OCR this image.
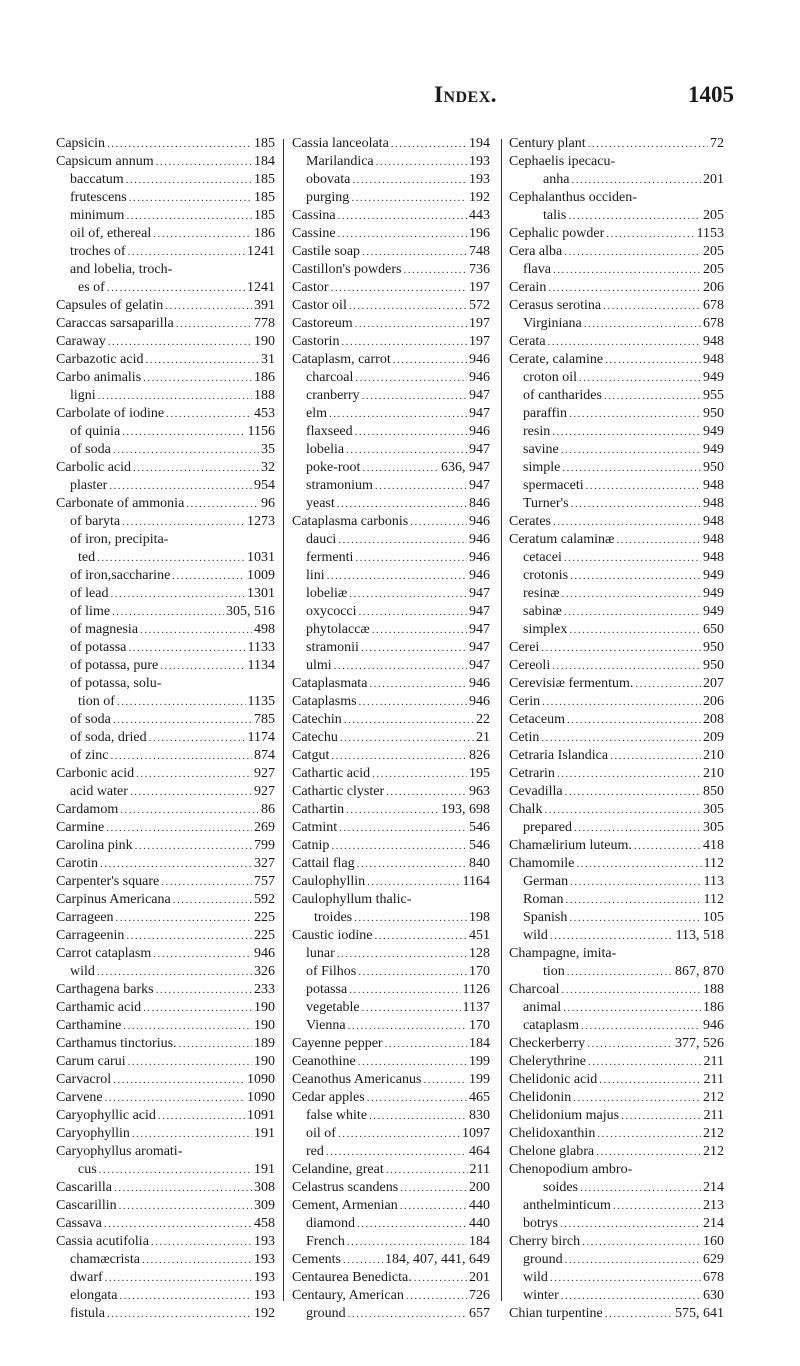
Index.	1405
Capsicin .....	185
Capsicum annum .....	184
baccatum .....	185
frutescens .....	185
minimum .....	185
oil of, ethereal .....	186
troches of .....	1241
and lobelia, troch-
es of .....	1241
Capsules of gelatin .....	391
Caraccas sarsaparilla .....	778
Caraway .....	190
Carbazotic acid .....	31
Carbo animalis .....	186
ligni .....	188
Carbolate of iodine .....	453
of quinia .....	1156
of soda .....	35
Carbolic acid .....	32
plaster .....	954
Carbonate of ammonia .....	96
of baryta .....	1273
of iron, precipita-
ted .....	1031
of iron,saccharine .....	1009
of lead .....	1301
of lime .....	305, 516
of magnesia .....	498
of potassa .....	1133
of potassa, pure .....	1134
of potassa, solu-
tion of .....	1135
of soda .....	785
of soda, dried .....	1174
of zinc .....	874
Carbonic acid .....	927
acid water .....	927
Cardamom .....	86
Carmine .....	269
Carolina pink .....	799
Carotin .....	327
Carpenter's square .....	757
Carpinus Americana .....	592
Carrageen .....	225
Carrageenin .....	225
Carrot cataplasm .....	946
wild .....	326
Carthagena barks .....	233
Carthamic acid .....	190
Carthamine .....	190
Carthamus tinctorius. .....	189
Carum carui .....	190
Carvacrol .....	1090
Carvene .....	1090
Caryophyllic acid .....	1091
Caryophyllin .....	191
Caryophyllus aromati-
cus .....	191
Cascarilla .....	308
Cascarillin .....	309
Cassava .....	458
Cassia acutifolia .....	193
chamæcrista .....	193
dwarf .....	193
elongata .....	193
fistula .....	192
Cassia lanceolata .....	194
Marilandica .....	193
obovata .....	193
purging .....	192
Cassina .....	443
Cassine .....	196
Castile soap .....	748
Castillon's powders .....	736
Castor .....	197
Castor oil .....	572
Castoreum .....	197
Castorin .....	197
Cataplasm, carrot .....	946
charcoal .....	946
cranberry .....	947
elm .....	947
flaxseed .....	946
lobelia .....	947
poke-root .....	636, 947
stramonium .....	947
yeast .....	846
Cataplasma carbonis .....	946
dauci .....	946
fermenti .....	946
lini .....	946
lobeliæ .....	947
oxycocci .....	947
phytolaccæ .....	947
stramonii .....	947
ulmi .....	947
Cataplasmata .....	946
Cataplasms .....	946
Catechin .....	22
Catechu .....	21
Catgut .....	826
Cathartic acid .....	195
Cathartic clyster .....	963
Cathartin .....	193, 698
Catmint .....	546
Catnip .....	546
Cattail flag .....	840
Caulophyllin .....	1164
Caulophyllum thalic-
troides .....	198
Caustic iodine .....	451
lunar .....	128
of Filhos .....	170
potassa .....	1126
vegetable .....	1137
Vienna .....	170
Cayenne pepper .....	184
Ceanothine .....	199
Ceanothus Americanus .....	199
Cedar apples .....	465
false white .....	830
oil of .....	1097
red .....	464
Celandine, great .....	211
Celastrus scandens .....	200
Cement, Armenian .....	440
diamond .....	440
French .....	184
Cements .....	184, 407, 441, 649
Centaurea Benedicta. .....	201
Centaury, American .....	726
ground .....	657
Century plant .....	72
Cephaelis ipecacu-
anha .....	201
Cephalanthus occiden-
talis .....	205
Cephalic powder .....	1153
Cera alba .....	205
flava .....	205
Cerain .....	206
Cerasus serotina .....	678
Virginiana .....	678
Cerata .....	948
Cerate, calamine .....	948
croton oil .....	949
of cantharides .....	955
paraffin .....	950
resin .....	949
savine .....	949
simple .....	950
spermaceti .....	948
Turner's .....	948
Cerates .....	948
Ceratum calaminæ .....	948
cetacei .....	948
crotonis .....	949
resinæ .....	949
sabinæ .....	949
simplex .....	650
Cerei .....	950
Cereoli .....	950
Cerevisiæ fermentum. .....	207
Cerin .....	206
Cetaceum .....	208
Cetin .....	209
Cetraria Islandica .....	210
Cetrarin .....	210
Cevadilla .....	850
Chalk .....	305
prepared .....	305
Chamælirium luteum. .....	418
Chamomile .....	112
German .....	113
Roman .....	112
Spanish .....	105
wild .....	113, 518
Champagne, imita-
tion .....	867, 870
Charcoal .....	188
animal .....	186
cataplasm .....	946
Checkerberry .....	377, 526
Chelerythrine .....	211
Chelidonic acid .....	211
Chelidonin .....	212
Chelidonium majus .....	211
Chelidoxanthin .....	212
Chelone glabra .....	212
Chenopodium ambro-
soides .....	214
anthelminticum .....	213
botrys .....	214
Cherry birch .....	160
ground .....	629
wild .....	678
winter .....	630
Chian turpentine .....	575, 641
